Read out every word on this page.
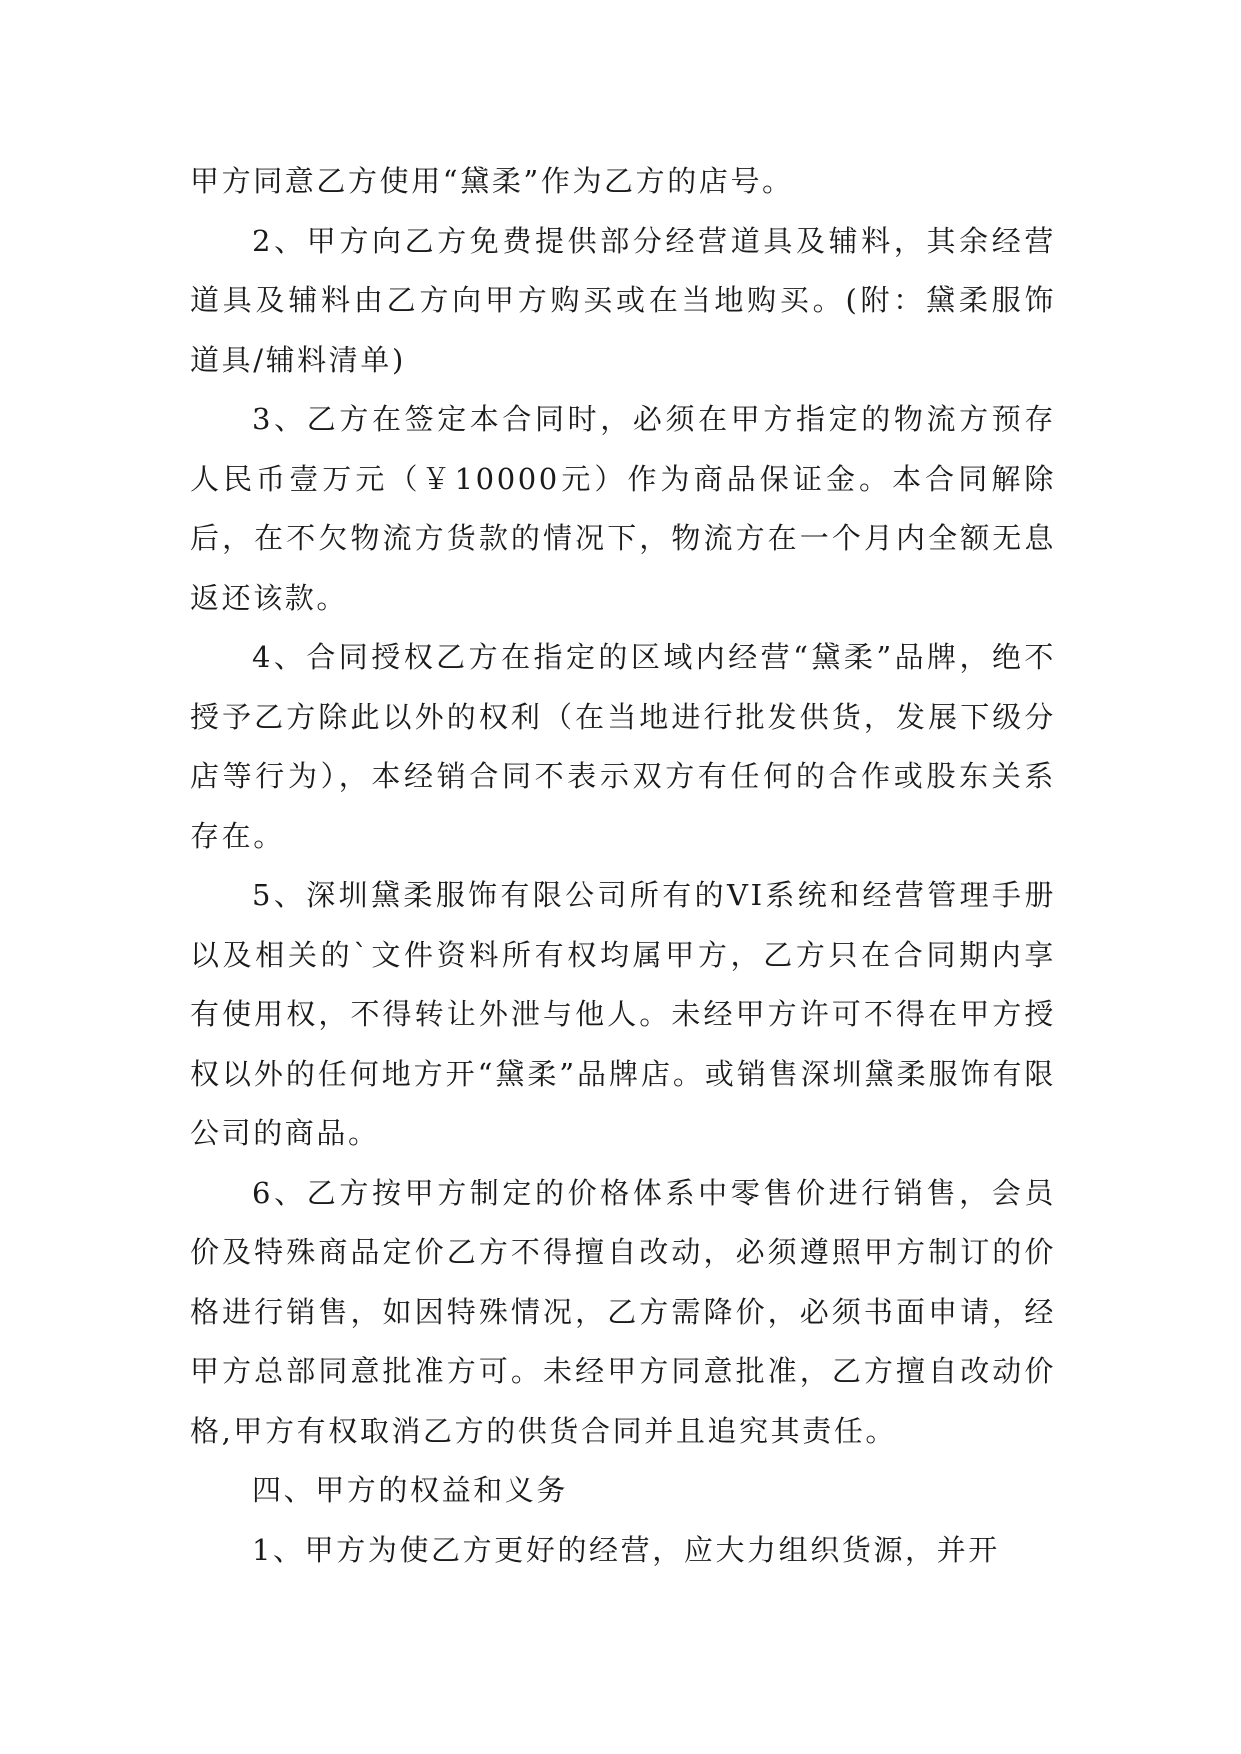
甲方同意乙方使用“黛柔”作为乙方的店号。

2、甲方向乙方免费提供部分经营道具及辅料，其余经营道具及辅料由乙方向甲方购买或在当地购买。(附：黛柔服饰道具/辅料清单)

3、乙方在签定本合同时，必须在甲方指定的物流方预存人民币壹万元（￥10000元）作为商品保证金。本合同解除后，在不欠物流方货款的情况下，物流方在一个月内全额无息返还该款。

4、合同授权乙方在指定的区域内经营“黛柔”品牌，绝不授予乙方除此以外的权利（在当地进行批发供货，发展下级分店等行为），本经销合同不表示双方有任何的合作或股东关系存在。

5、深圳黛柔服饰有限公司所有的VI系统和经营管理手册以及相关的`文件资料所有权均属甲方，乙方只在合同期内享有使用权，不得转让外泄与他人。未经甲方许可不得在甲方授权以外的任何地方开“黛柔”品牌店。或销售深圳黛柔服饰有限公司的商品。

6、乙方按甲方制定的价格体系中零售价进行销售，会员价及特殊商品定价乙方不得擅自改动，必须遵照甲方制订的价格进行销售，如因特殊情况，乙方需降价，必须书面申请，经甲方总部同意批准方可。未经甲方同意批准，乙方擅自改动价格,甲方有权取消乙方的供货合同并且追究其责任。

四、甲方的权益和义务

1、甲方为使乙方更好的经营，应大力组织货源，并开
